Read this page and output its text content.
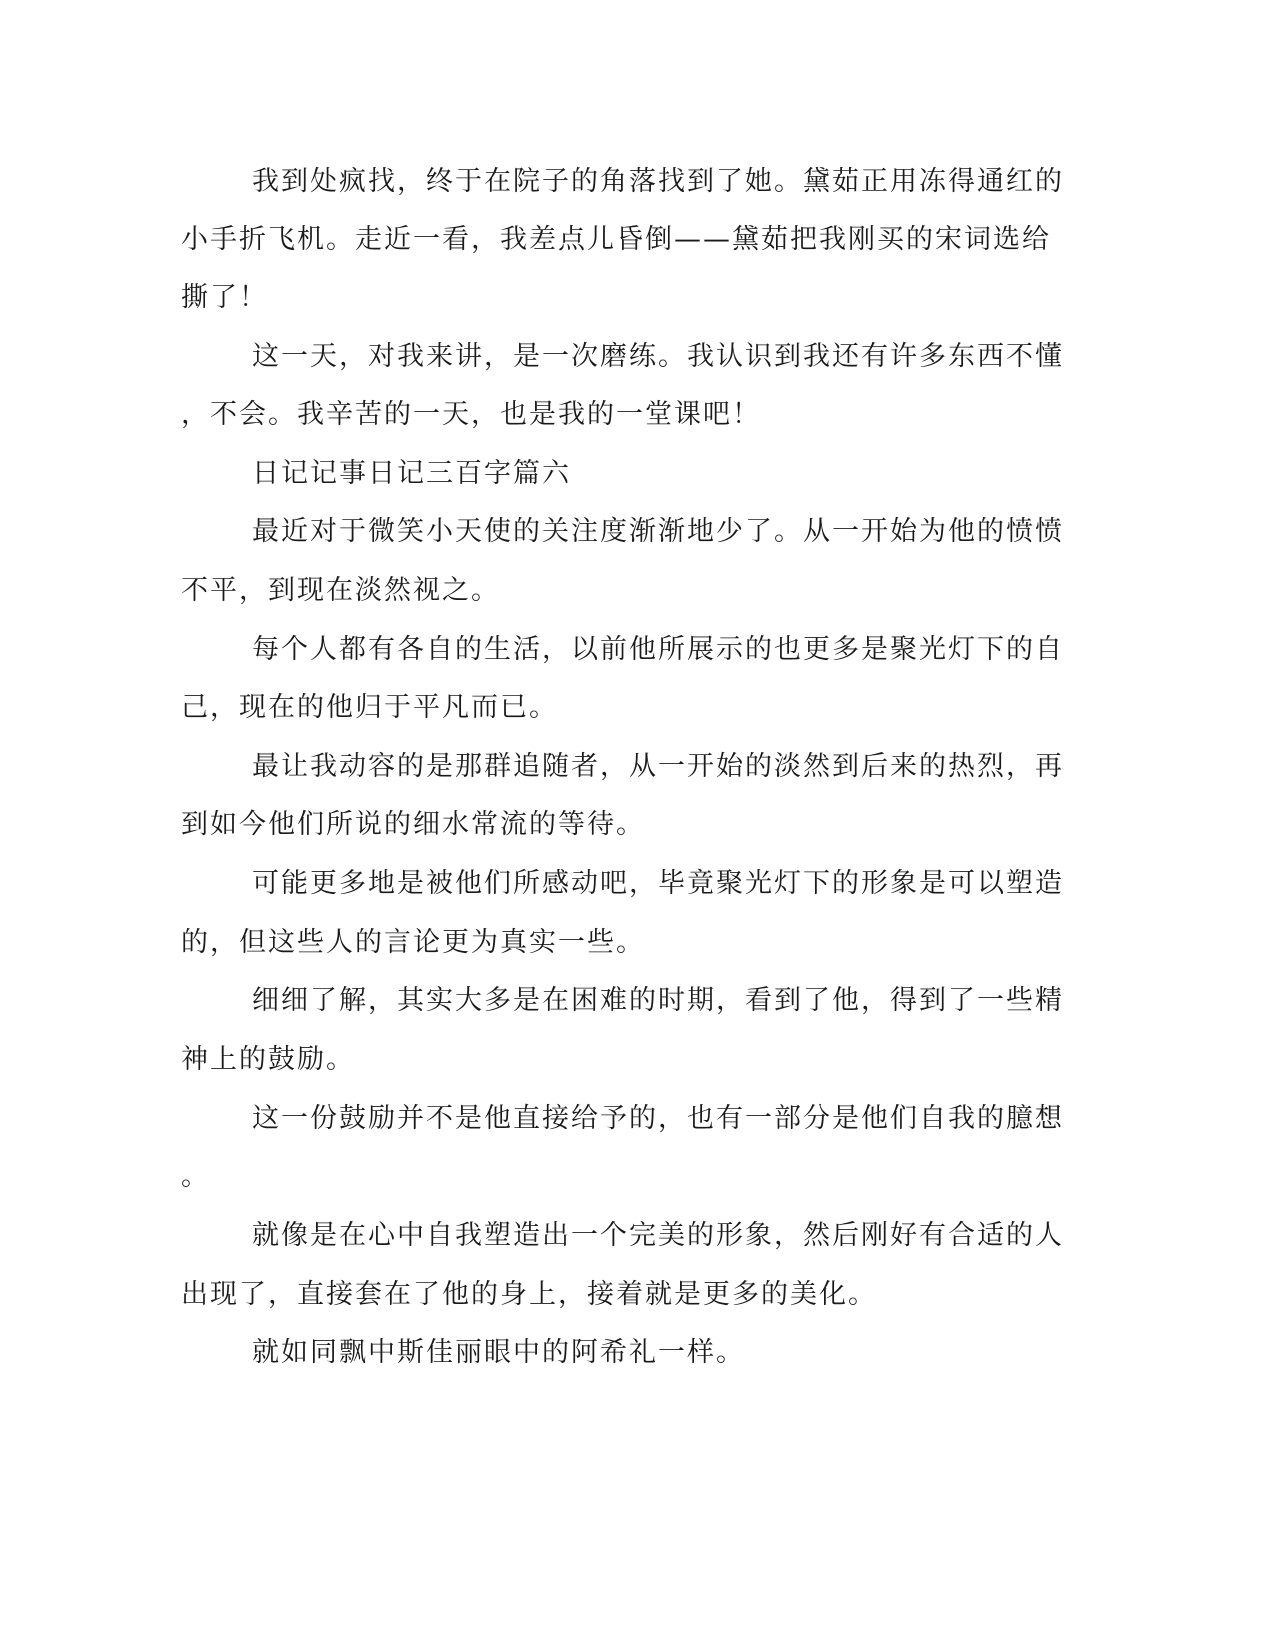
我到处疯找，终于在院子的角落找到了她。黛茹正用冻得通红的
小手折飞机。走近一看，我差点儿昏倒——黛茹把我刚买的宋词选给
撕了！
这一天，对我来讲，是一次磨练。我认识到我还有许多东西不懂
，不会。我辛苦的一天，也是我的一堂课吧！
日记记事日记三百字篇六
最近对于微笑小天使的关注度渐渐地少了。从一开始为他的愤愤
不平，到现在淡然视之。
每个人都有各自的生活，以前他所展示的也更多是聚光灯下的自
己，现在的他归于平凡而已。
最让我动容的是那群追随者，从一开始的淡然到后来的热烈，再
到如今他们所说的细水常流的等待。
可能更多地是被他们所感动吧，毕竟聚光灯下的形象是可以塑造
的，但这些人的言论更为真实一些。
细细了解，其实大多是在困难的时期，看到了他，得到了一些精
神上的鼓励。
这一份鼓励并不是他直接给予的，也有一部分是他们自我的臆想
。
就像是在心中自我塑造出一个完美的形象，然后刚好有合适的人
出现了，直接套在了他的身上，接着就是更多的美化。
就如同飘中斯佳丽眼中的阿希礼一样。
